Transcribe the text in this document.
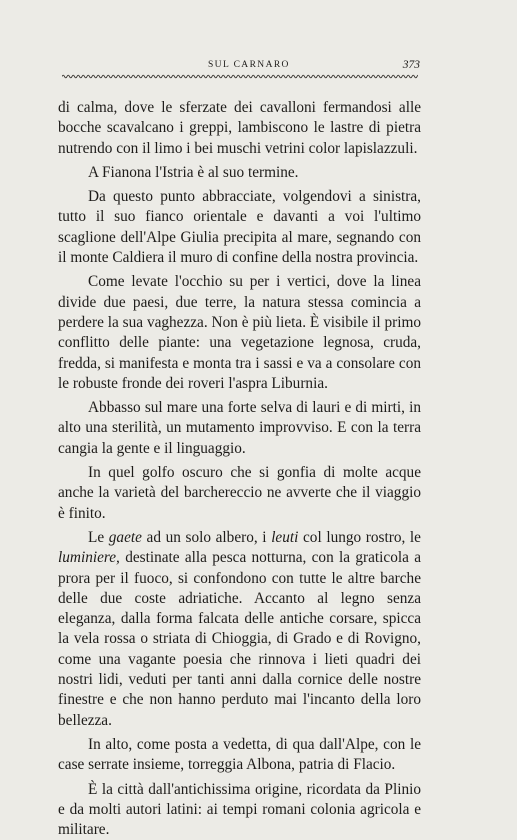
SUL CARNARO	373

di calma, dove le sferzate dei cavalloni fermandosi alle bocche scavalcano i greppi, lambiscono le lastre di pietra nutrendo con il limo i bei muschi vetrini color lapislazzuli.

A Fianona l'Istria è al suo termine.

Da questo punto abbracciate, volgendovi a sinistra, tutto il suo fianco orientale e davanti a voi l'ultimo scaglione dell'Alpe Giulia precipita al mare, segnando con il monte Caldiera il muro di confine della nostra provincia.

Come levate l'occhio su per i vertici, dove la linea divide due paesi, due terre, la natura stessa comincia a perdere la sua vaghezza. Non è più lieta. È visibile il primo conflitto delle piante: una vegetazione legnosa, cruda, fredda, si manifesta e monta tra i sassi e va a consolare con le robuste fronde dei roveri l'aspra Liburnia.

Abbasso sul mare una forte selva di lauri e di mirti, in alto una sterilità, un mutamento improvviso. E con la terra cangia la gente e il linguaggio.

In quel golfo oscuro che si gonfia di molte acque anche la varietà del barchereccio ne avverte che il viaggio è finito.

Le gaete ad un solo albero, i leuti col lungo rostro, le luminiere, destinate alla pesca notturna, con la graticola a prora per il fuoco, si confondono con tutte le altre barche delle due coste adriatiche. Accanto al legno senza eleganza, dalla forma falcata delle antiche corsare, spicca la vela rossa o striata di Chioggia, di Grado e di Rovigno, come una vagante poesia che rinnova i lieti quadri dei nostri lidi, veduti per tanti anni dalla cornice delle nostre finestre e che non hanno perduto mai l'incanto della loro bellezza.

In alto, come posta a vedetta, di qua dall'Alpe, con le case serrate insieme, torreggia Albona, patria di Flacio.

È la città dall'antichissima origine, ricordata da Plinio e da molti autori latini: ai tempi romani colonia agricola e militare.
